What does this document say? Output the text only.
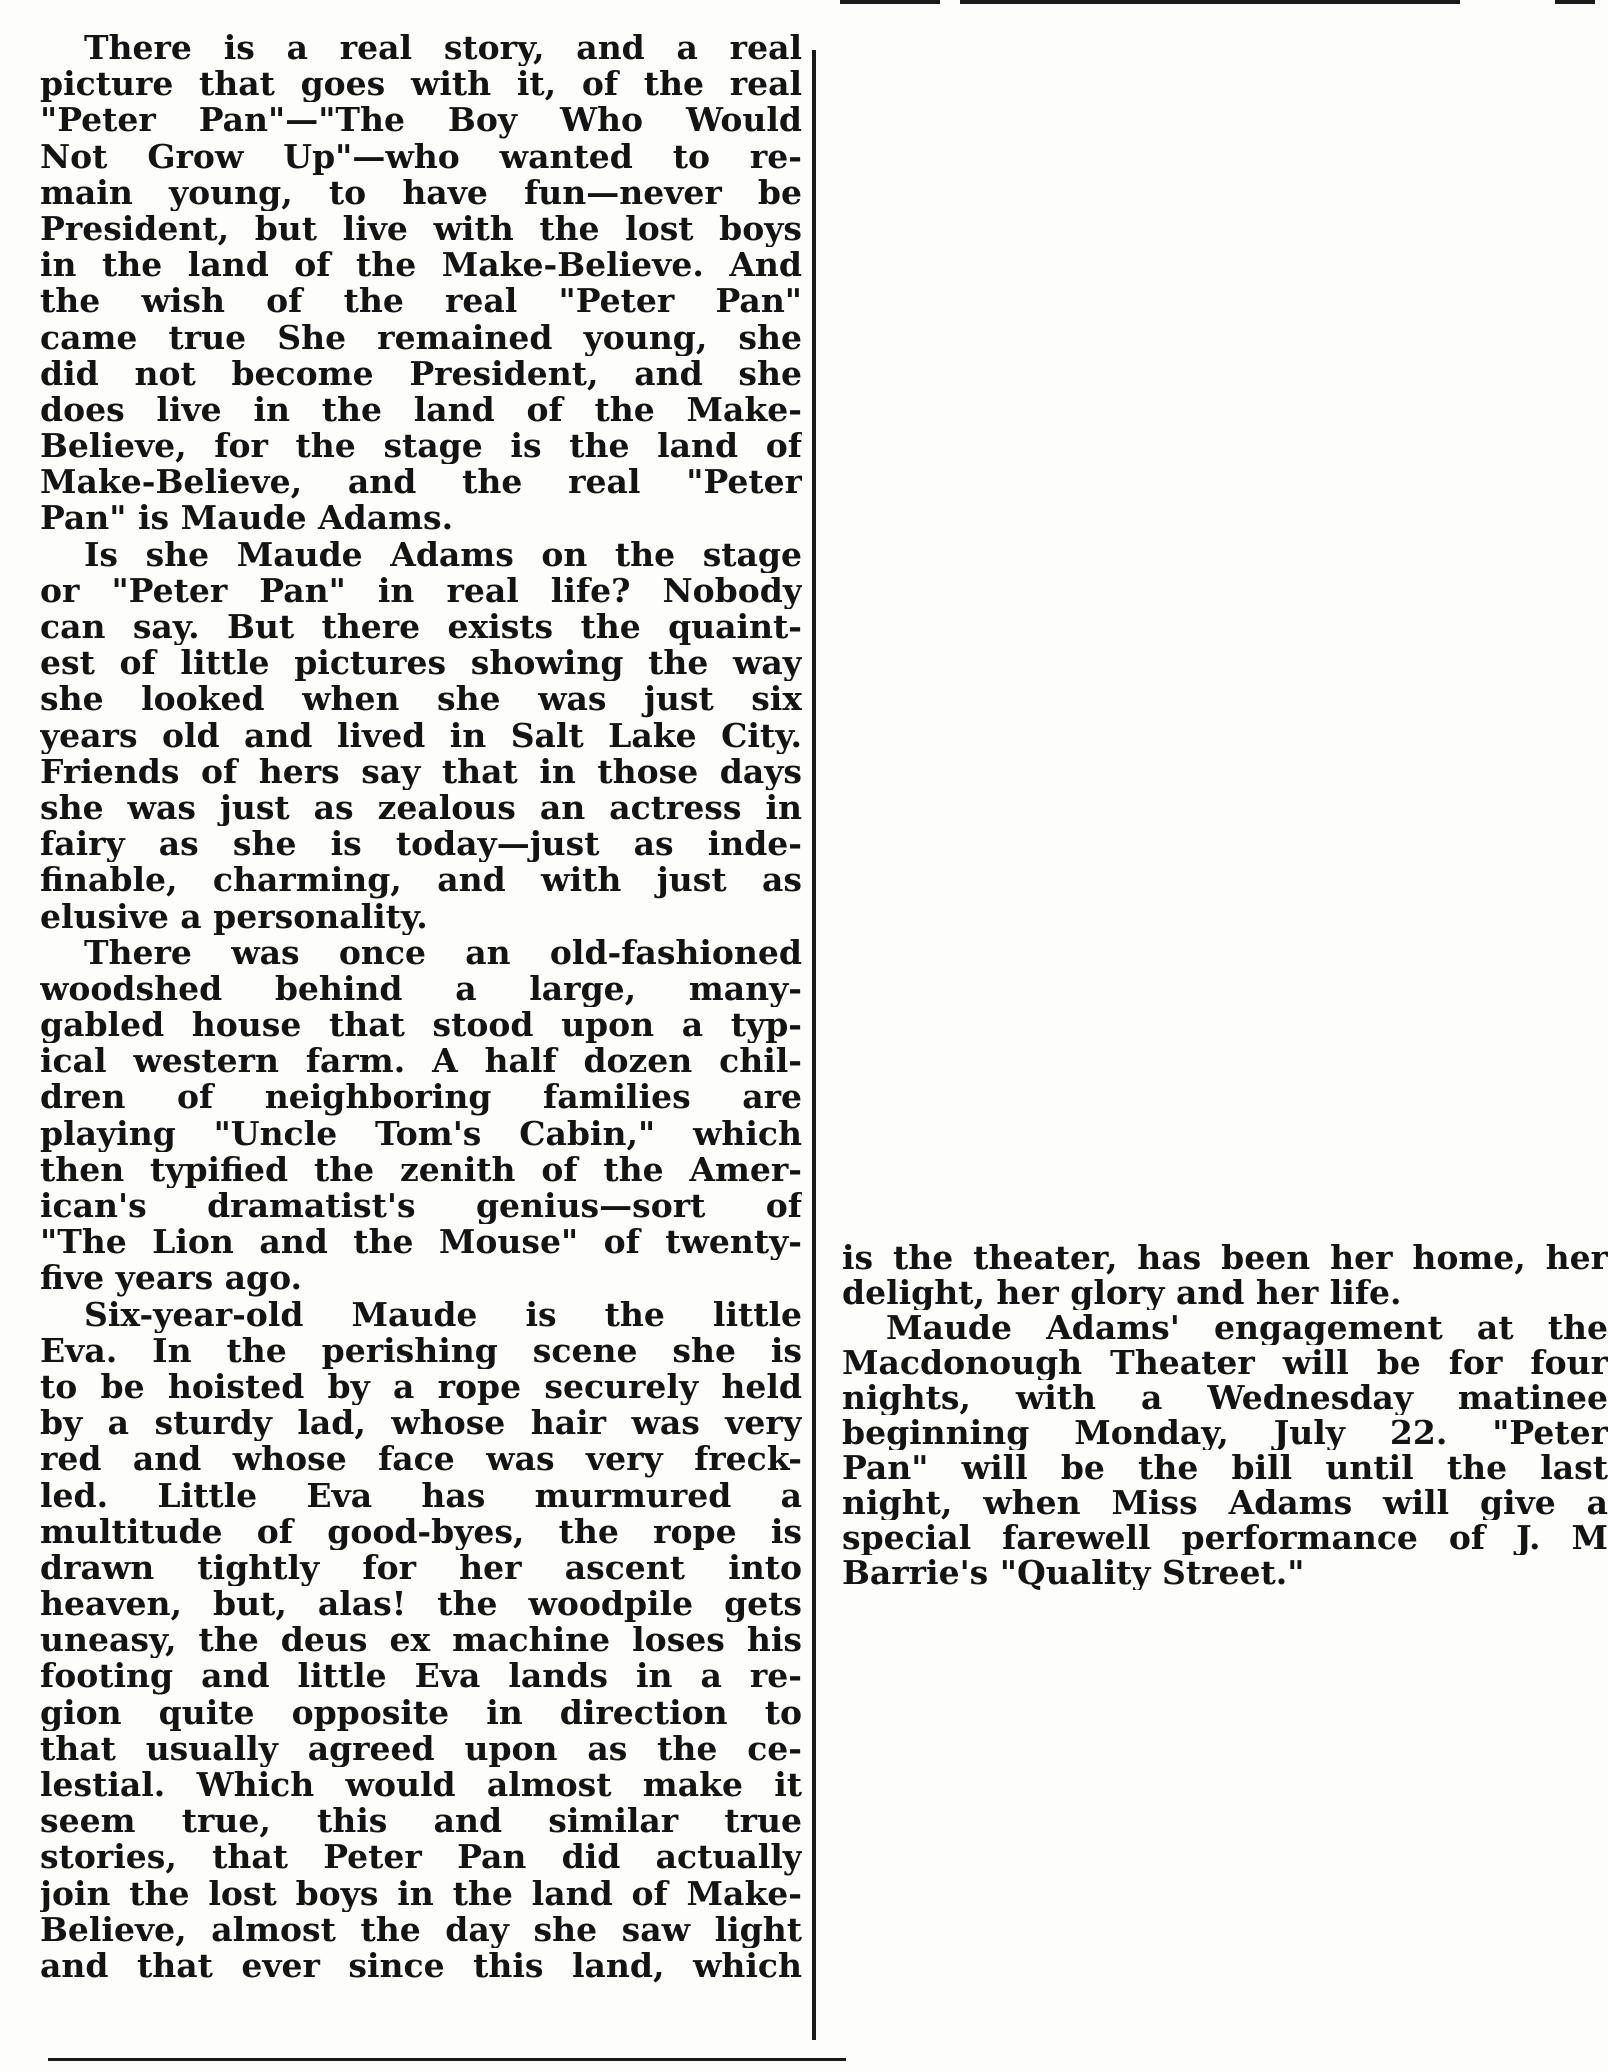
There is a real story, and a real
picture that goes with it, of the real
"Peter Pan"—"The Boy Who Would
Not Grow Up"—who wanted to re-
main young, to have fun—never be
President, but live with the lost boys
in the land of the Make-Believe. And
the wish of the real "Peter Pan"
came true She remained young, she
did not become President, and she
does live in the land of the Make-
Believe, for the stage is the land of
Make-Believe, and the real "Peter
Pan" is Maude Adams.
Is she Maude Adams on the stage
or "Peter Pan" in real life? Nobody
can say. But there exists the quaint-
est of little pictures showing the way
she looked when she was just six
years old and lived in Salt Lake City.
Friends of hers say that in those days
she was just as zealous an actress in
fairy as she is today—just as inde-
finable, charming, and with just as
elusive a personality.
There was once an old-fashioned
woodshed behind a large, many-
gabled house that stood upon a typ-
ical western farm. A half dozen chil-
dren of neighboring families are
playing "Uncle Tom's Cabin," which
then typified the zenith of the Amer-
ican's dramatist's genius—sort of
"The Lion and the Mouse" of twenty-
five years ago.
Six-year-old Maude is the little
Eva. In the perishing scene she is
to be hoisted by a rope securely held
by a sturdy lad, whose hair was very
red and whose face was very freck-
led. Little Eva has murmured a
multitude of good-byes, the rope is
drawn tightly for her ascent into
heaven, but, alas! the woodpile gets
uneasy, the deus ex machine loses his
footing and little Eva lands in a re-
gion quite opposite in direction to
that usually agreed upon as the ce-
lestial. Which would almost make it
seem true, this and similar true
stories, that Peter Pan did actually
join the lost boys in the land of Make-
Believe, almost the day she saw light
and that ever since this land, which
is the theater, has been her home, her
delight, her glory and her life.
Maude Adams' engagement at the
Macdonough Theater will be for four
nights, with a Wednesday matinee
beginning Monday, July 22. "Peter
Pan" will be the bill until the last
night, when Miss Adams will give a
special farewell performance of J. M
Barrie's "Quality Street."
